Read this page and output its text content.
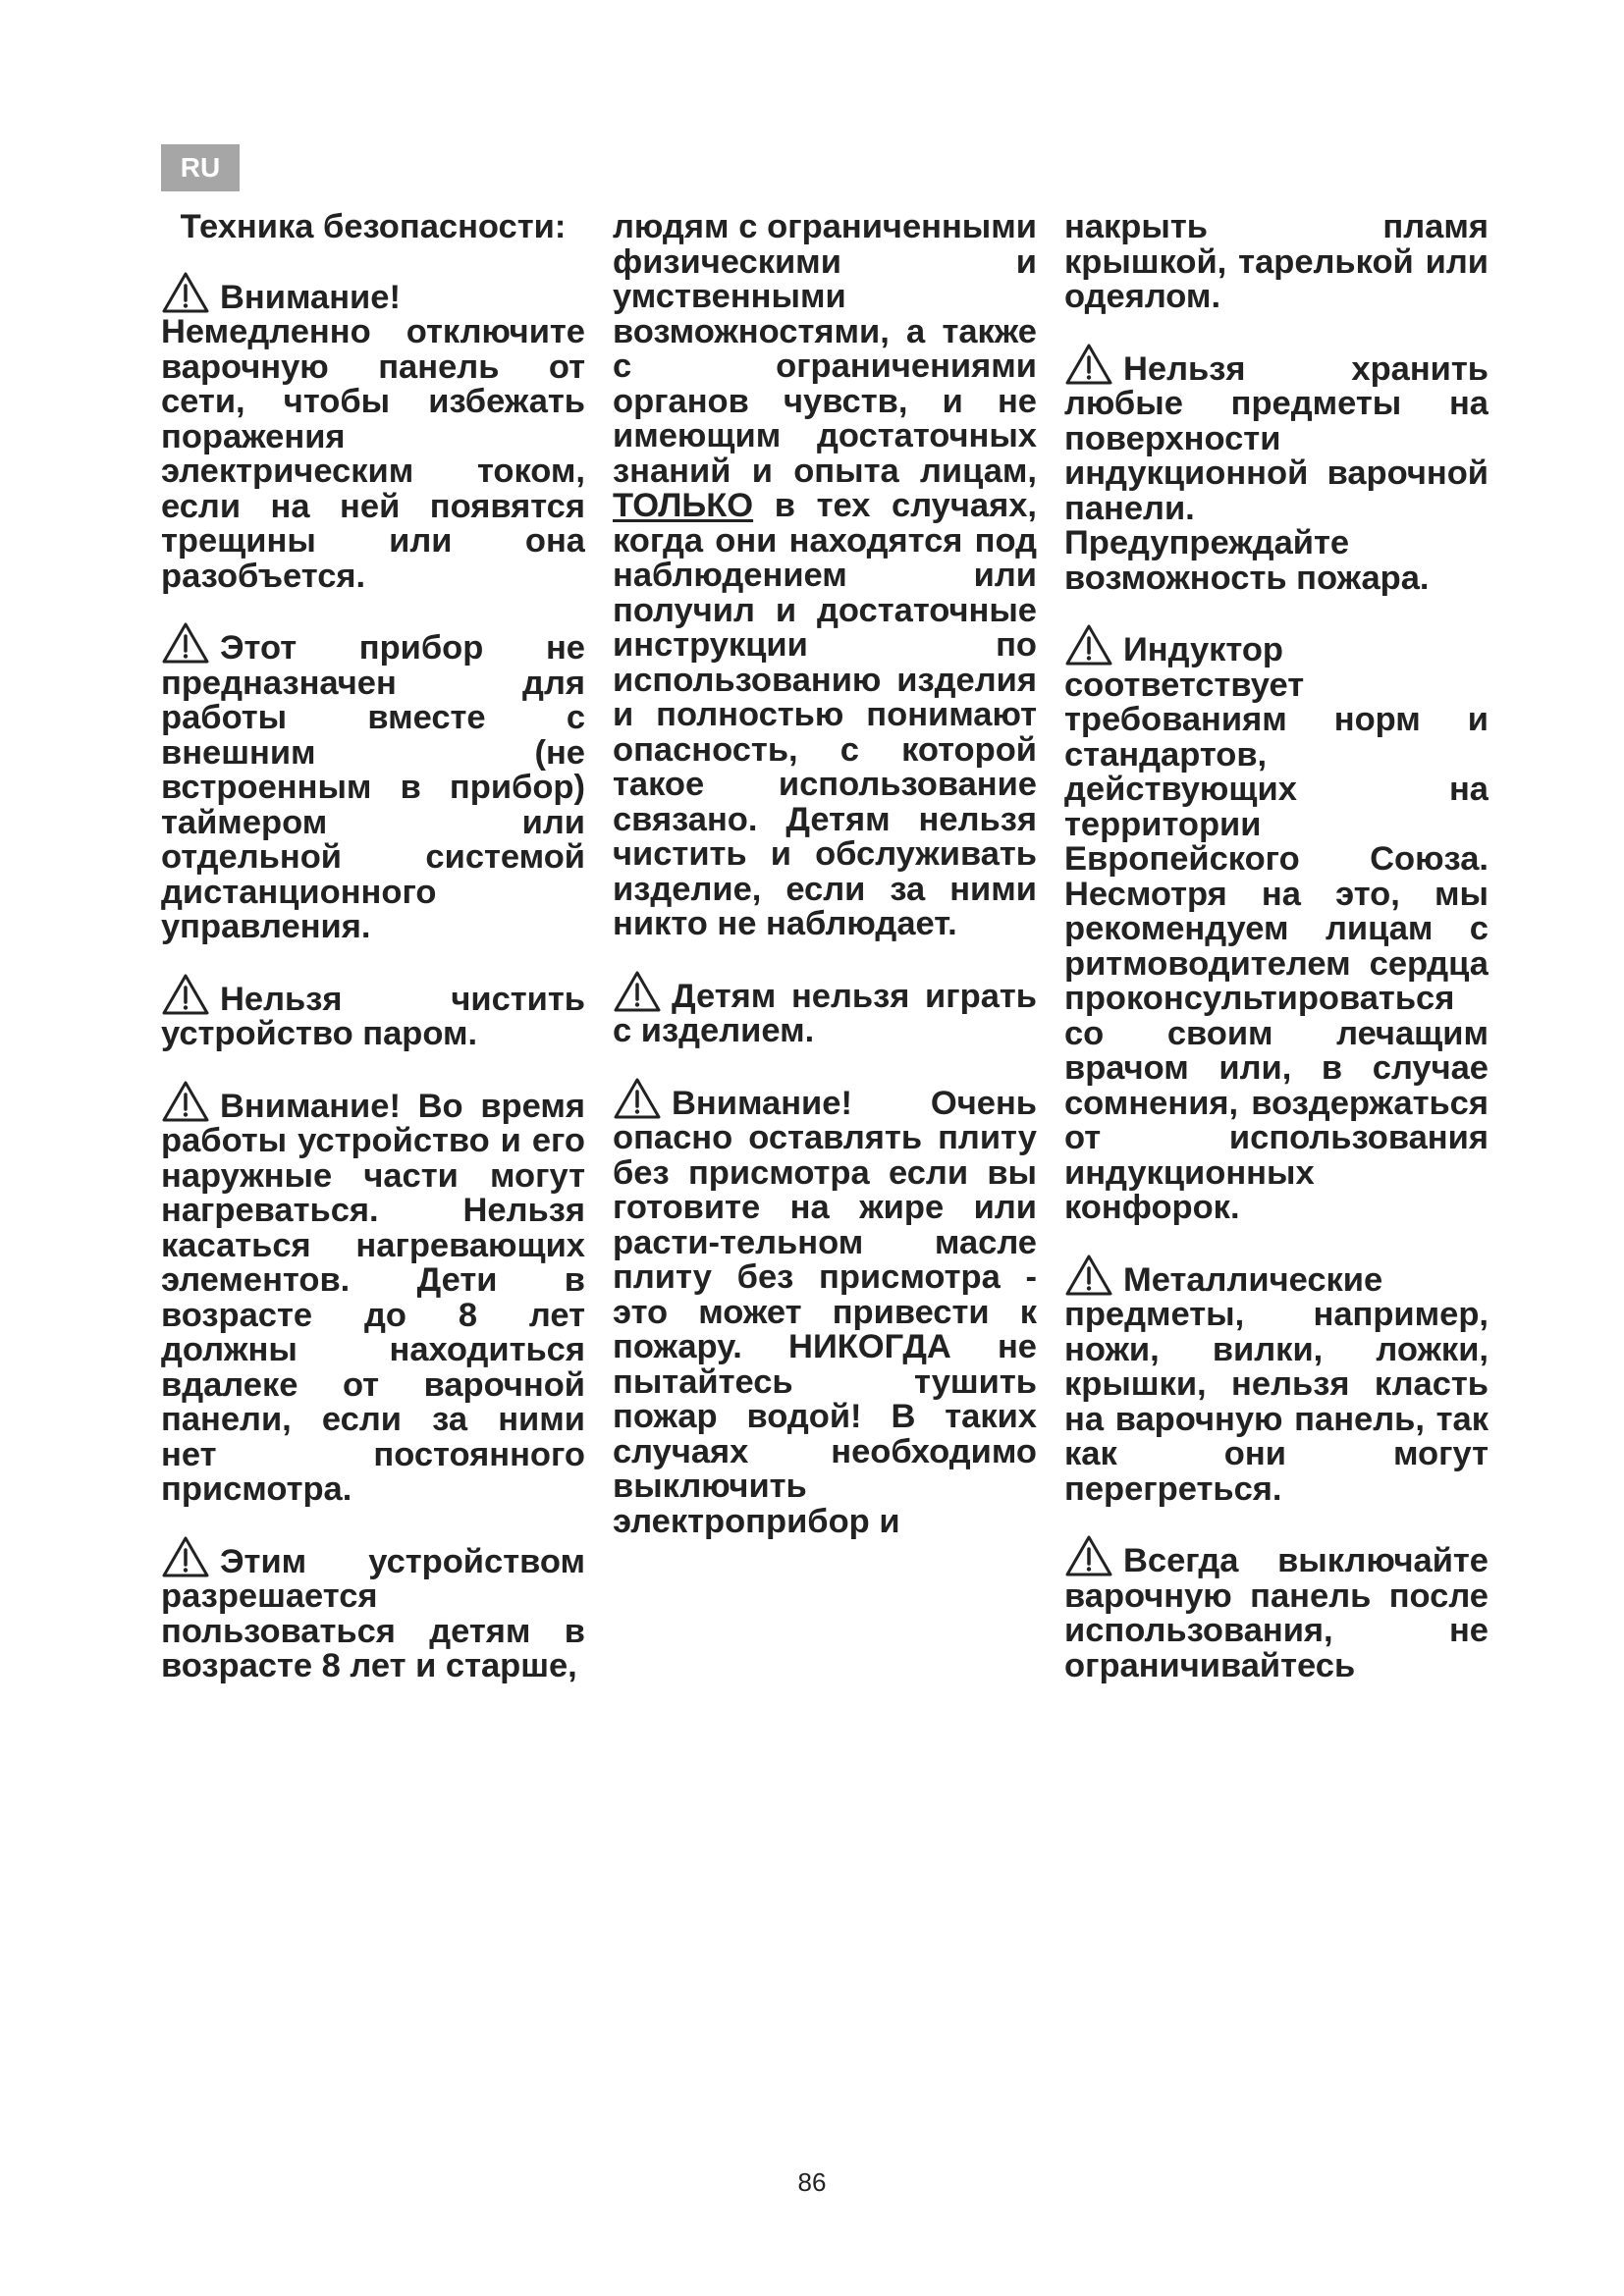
RU
Техника безопасности:

Внимание! Немедленно отключите варочную панель от сети, чтобы избежать поражения электрическим током, если на ней появятся трещины или она разобъется.

Этот прибор не предназначен для работы вместе с внешним (не встроенным в прибор) таймером или отдельной системой дистанционного управления.

Нельзя чистить устройство паром.

Внимание! Во время работы устройство и его наружные части могут нагреваться. Нельзя касаться нагревающих элементов. Дети в возрасте до 8 лет должны находиться вдалеке от варочной панели, если за ними нет постоянного присмотра.

Этим устройством разрешается пользоваться детям в возрасте 8 лет и старше,

людям с ограниченными физическими и умственными возможностями, а также с ограничениями органов чувств, и не имеющим достаточных знаний и опыта лицам, ТОЛЬКО в тех случаях, когда они находятся под наблюдением или получил и достаточные инструкции по использованию изделия и полностью понимают опасность, с которой такое использование связано. Детям нельзя чистить и обслуживать изделие, если за ними никто не наблюдает.

Детям нельзя играть с изделием.

Внимание! Очень опасно оставлять плиту без присмотра если вы готовите на жире или расти-тельном масле плиту без присмотра - это может привести к пожару. НИКОГДА не пытайтесь тушить пожар водой! В таких случаях необходимо выключить электроприбор и

накрыть пламя крышкой, тарелькой или одеялом.

Нельзя хранить любые предметы на поверхности индукционной варочной панели. Предупреждайте возможность пожара.

Индуктор соответствует требованиям норм и стандартов, действующих на территории Европейского Союза. Несмотря на это, мы рекомендуем лицам с ритмоводителем сердца проконсультироваться со своим лечащим врачом или, в случае сомнения, воздержаться от использования индукционных конфорок.

Металлические предметы, например, ножи, вилки, ложки, крышки, нельзя класть на варочную панель, так как они могут перегреться.

Всегда выключайте варочную панель после использования, не ограничивайтесь

86
